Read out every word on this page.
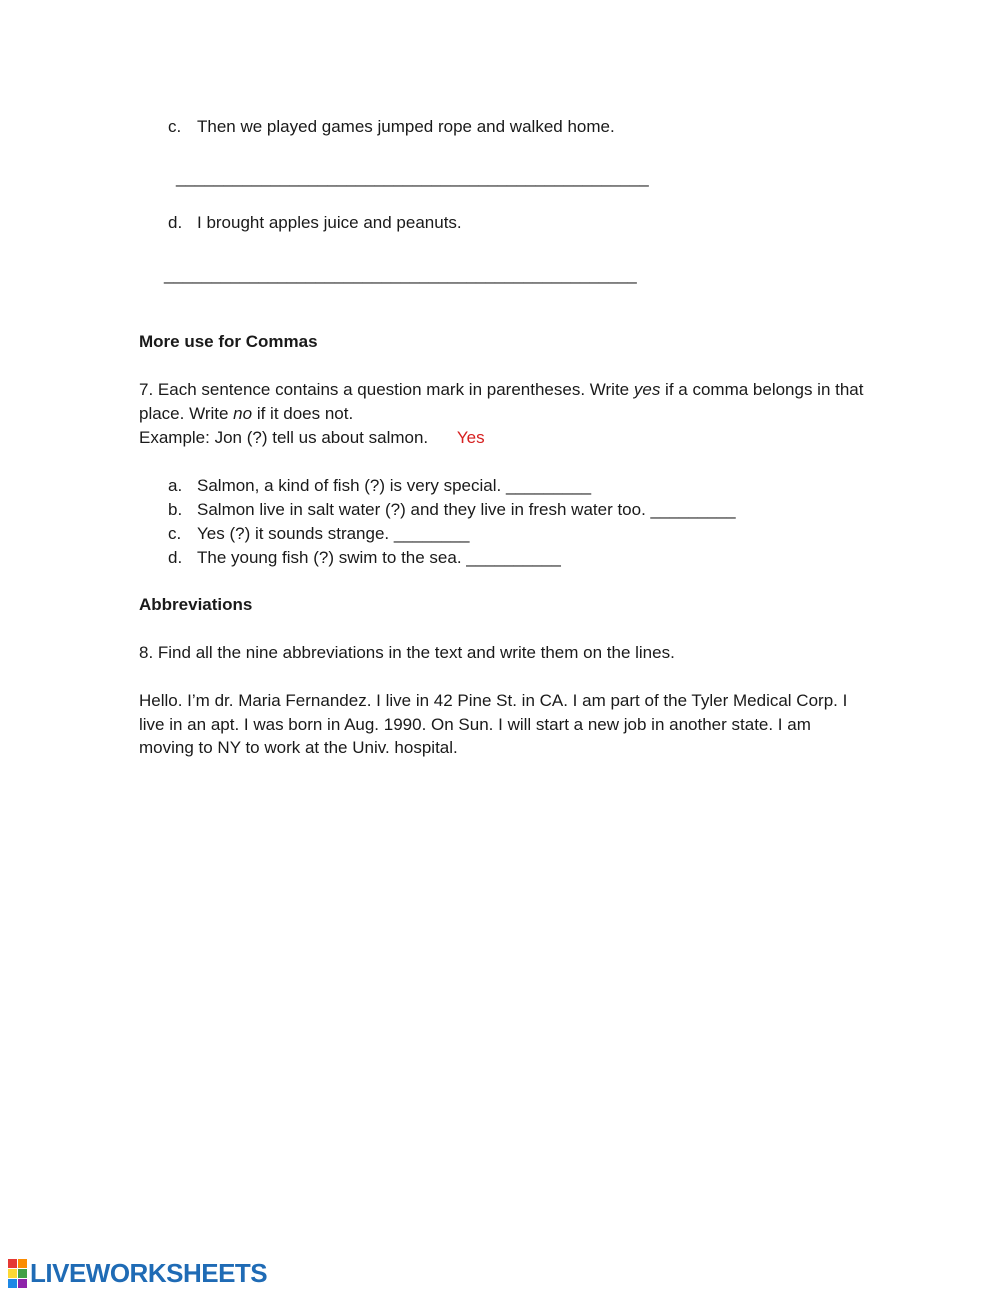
c. Then we played games jumped rope and walked home.
__________________________________________________
d. I brought apples juice and peanuts.
__________________________________________________
More use for Commas
7. Each sentence contains a question mark in parentheses. Write yes if a comma belongs in that place. Write no if it does not.
Example: Jon (?) tell us about salmon. Yes
a. Salmon, a kind of fish (?) is very special. _________
b. Salmon live in salt water (?) and they live in fresh water too. _________
c. Yes (?) it sounds strange. ________
d. The young fish (?) swim to the sea. __________
Abbreviations
8. Find all the nine abbreviations in the text and write them on the lines.
Hello. I’m dr. Maria Fernandez. I live in 42 Pine St. in CA. I am part of the Tyler Medical Corp. I live in an apt. I was born in Aug. 1990. On Sun. I will start a new job in another state. I am moving to NY to work at the Univ. hospital.
LIVEWORKSHEETS
